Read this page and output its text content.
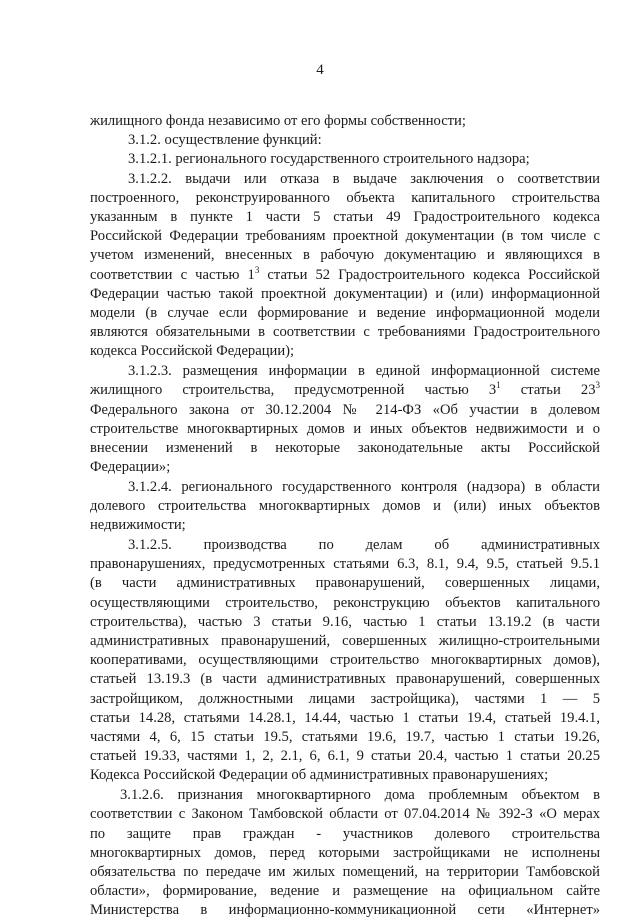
4
жилищного фонда независимо от его формы собственности;
3.1.2. осуществление функций:
3.1.2.1. регионального государственного строительного надзора;
3.1.2.2. выдачи или отказа в выдаче заключения о соответствии
построенного, реконструированного объекта капитального строительства
указанным в пункте 1 части 5 статьи 49 Градостроительного кодекса
Российской Федерации требованиям проектной документации (в том числе с
учетом изменений, внесенных в рабочую документацию и являющихся в
соответствии с частью $1^3$ статьи 52 Градостроительного кодекса Российской
Федерации частью такой проектной документации) и (или) информационной
модели (в случае если формирование и ведение информационной модели
являются обязательными в соответствии с требованиями Градостроительного
кодекса Российской Федерации);
3.1.2.3. размещения информации в единой информационной системе
жилищного строительства, предусмотренной частью $3^1$ статьи $23^3$
Федерального закона от 30.12.2004 № 214-ФЗ «Об участии в долевом
строительстве многоквартирных домов и иных объектов недвижимости и о
внесении изменений в некоторые законодательные акты Российской
Федерации»;
3.1.2.4. регионального государственного контроля (надзора) в области
долевого строительства многоквартирных домов и (или) иных объектов
недвижимости;
3.1.2.5. производства по делам об административных
правонарушениях, предусмотренных статьями 6.3, 8.1, 9.4, 9.5, статьей 9.5.1
(в части административных правонарушений, совершенных лицами,
осуществляющими строительство, реконструкцию объектов капитального
строительства), частью 3 статьи 9.16, частью 1 статьи 13.19.2 (в части
административных правонарушений, совершенных жилищно-строительными
кооперативами, осуществляющими строительство многоквартирных домов),
статьей 13.19.3 (в части административных правонарушений, совершенных
застройщиком, должностными лицами застройщика), частями 1 — 5
статьи 14.28, статьями 14.28.1, 14.44, частью 1 статьи 19.4, статьей 19.4.1,
частями 4, 6, 15 статьи 19.5, статьями 19.6, 19.7, частью 1 статьи 19.26,
статьей 19.33, частями 1, 2, 2.1, 6, 6.1, 9 статьи 20.4, частью 1 статьи 20.25
Кодекса Российской Федерации об административных правонарушениях;
3.1.2.6. признания многоквартирного дома проблемным объектом в
соответствии с Законом Тамбовской области от 07.04.2014 № 392-З «О мерах
по защите прав граждан - участников долевого строительства
многоквартирных домов, перед которыми застройщиками не исполнены
обязательства по передаче им жилых помещений, на территории Тамбовской
области», формирование, ведение и размещение на официальном сайте
Министерства в информационно-коммуникационной сети «Интернет»
